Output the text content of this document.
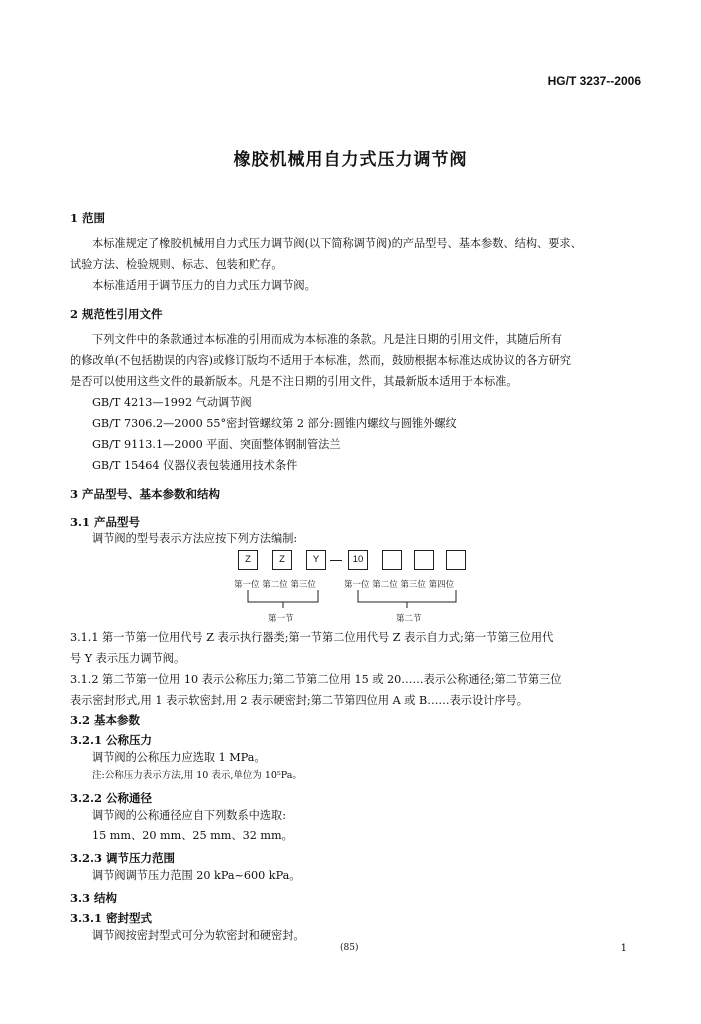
HG/T 3237--2006
橡胶机械用自力式压力调节阀
1 范围
本标准规定了橡胶机械用自力式压力调节阀(以下简称调节阀)的产品型号、基本参数、结构、要求、
试验方法、检验规则、标志、包装和贮存。
本标准适用于调节压力的自力式压力调节阀。
2 规范性引用文件
下列文件中的条款通过本标准的引用而成为本标准的条款。凡是注日期的引用文件，其随后所有
的修改单(不包括勘误的内容)或修订版均不适用于本标准，然而，鼓励根据本标准达成协议的各方研究
是否可以使用这些文件的最新版本。凡是不注日期的引用文件，其最新版本适用于本标准。
GB/T 4213—1992 气动调节阀
GB/T 7306.2—2000 55°密封管螺纹第 2 部分:圆锥内螺纹与圆锥外螺纹
GB/T 9113.1—2000 平面、突面整体钢制管法兰
GB/T 15464 仪器仪表包装通用技术条件
3 产品型号、基本参数和结构
3.1 产品型号
调节阀的型号表示方法应按下列方法编制:
Z	Z	Y	10
第一位 第二位 第三位	第一位 第二位 第三位 第四位
第一节	第二节
3.1.1 第一节第一位用代号 Z 表示执行器类;第一节第二位用代号 Z 表示自力式;第一节第三位用代
号 Y 表示压力调节阀。
3.1.2 第二节第一位用 10 表示公称压力;第二节第二位用 15 或 20……表示公称通径;第二节第三位
表示密封形式,用 1 表示软密封,用 2 表示硬密封;第二节第四位用 A 或 B……表示设计序号。
3.2 基本参数
3.2.1 公称压力
调节阀的公称压力应选取 1 MPa。
注:公称压力表示方法,用 10 表示,单位为 10⁵Pa。
3.2.2 公称通径
调节阀的公称通径应自下列数系中选取:
15 mm、20 mm、25 mm、32 mm。
3.2.3 调节压力范围
调节阀调节压力范围 20 kPa~600 kPa。
3.3 结构
3.3.1 密封型式
调节阀按密封型式可分为软密封和硬密封。
(85)	1
